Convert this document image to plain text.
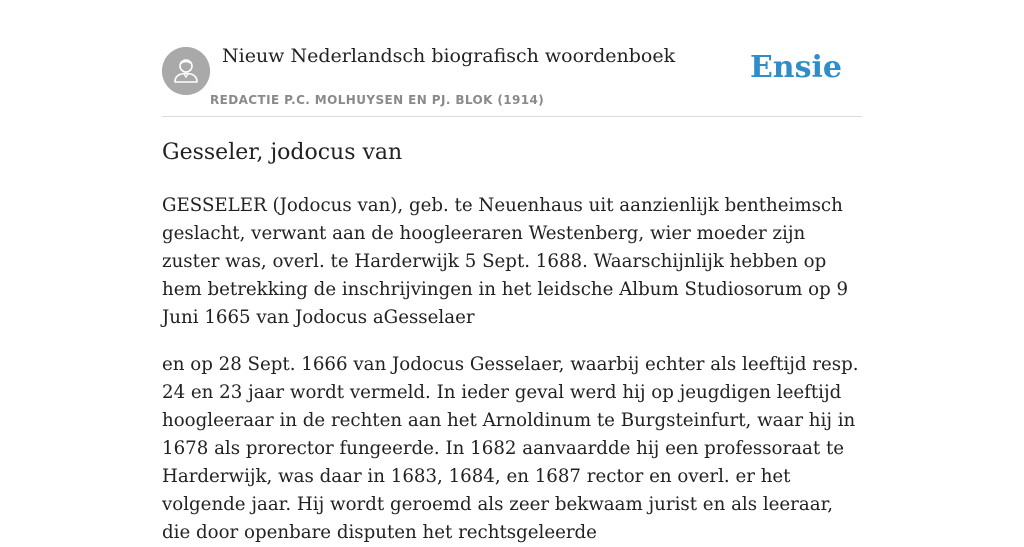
Nieuw Nederlandsch biografisch woordenboek
REDACTIE P.C. MOLHUYSEN EN PJ. BLOK (1914)
Ensie
Gesseler, jodocus van

GESSELER (Jodocus van), geb. te Neuenhaus uit aanzienlijk bentheimsch geslacht, verwant aan de hoogleeraren Westenberg, wier moeder zijn zuster was, overl. te Harderwijk 5 Sept. 1688. Waarschijnlijk hebben op hem betrekking de inschrijvingen in het leidsche Album Studiosorum op 9 Juni 1665 van Jodocus aGesselaer

en op 28 Sept. 1666 van Jodocus Gesselaer, waarbij echter als leeftijd resp. 24 en 23 jaar wordt vermeld. In ieder geval werd hij op jeugdigen leeftijd hoogleeraar in de rechten aan het Arnoldinum te Burgsteinfurt, waar hij in 1678 als prorector fungeerde. In 1682 aanvaardde hij een professoraat te Harderwijk, was daar in 1683, 1684, en 1687 rector en overl. er het volgende jaar. Hij wordt geroemd als zeer bekwaam jurist en als leeraar, die door openbare disputen het rechtsgeleerde
